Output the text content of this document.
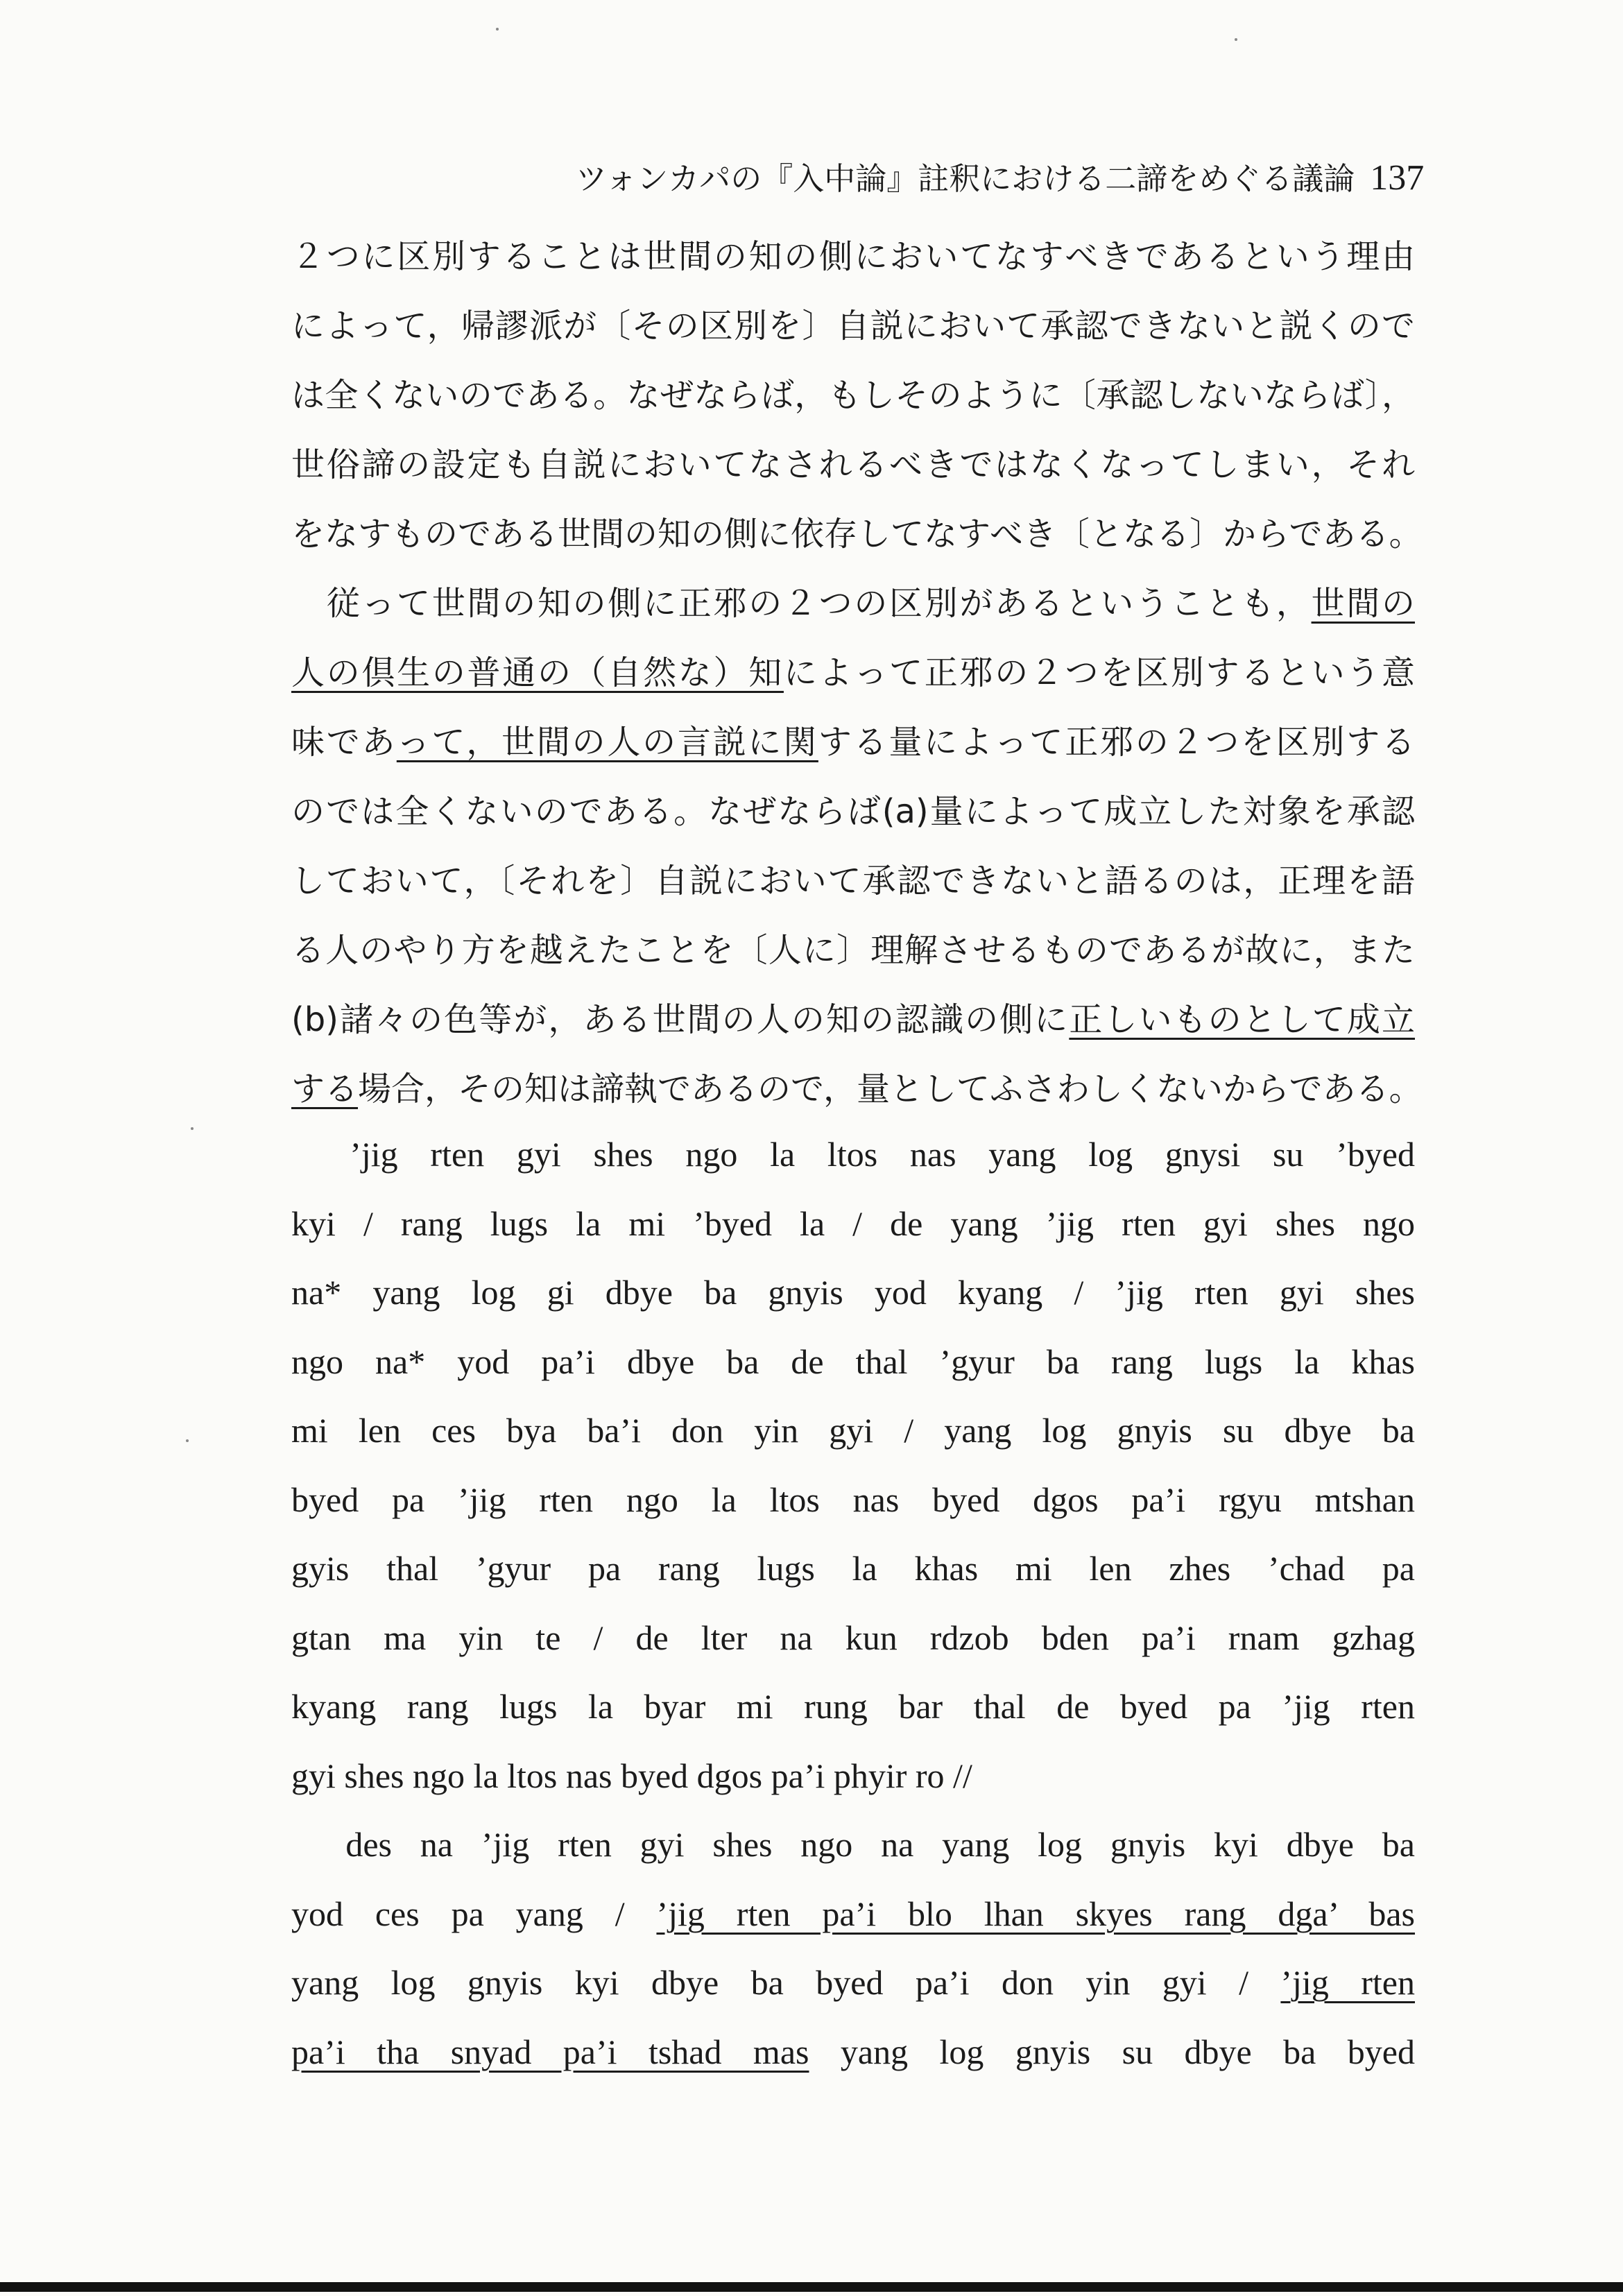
ツォンカパの『入中論』註釈における二諦をめぐる議論 137
２つに区別することは世間の知の側においてなすべきであるという理由
によって，帰謬派が〔その区別を〕自説において承認できないと説くので
は全くないのである。なぜならば，もしそのように〔承認しないならば〕，
世俗諦の設定も自説においてなされるべきではなくなってしまい，それ
をなすものである世間の知の側に依存してなすべき〔となる〕からである。
　従って世間の知の側に正邪の２つの区別があるということも，世間の
人の倶生の普通の（自然な）知によって正邪の２つを区別するという意
味であって，世間の人の言説に関する量によって正邪の２つを区別する
のでは全くないのである。なぜならば(a)量によって成立した対象を承認
しておいて，〔それを〕自説において承認できないと語るのは，正理を語
る人のやり方を越えたことを〔人に〕理解させるものであるが故に，また
(b)諸々の色等が，ある世間の人の知の認識の側に正しいものとして成立
する場合，その知は諦執であるので，量としてふさわしくないからである。
　’jig rten gyi shes ngo la ltos nas yang log gnysi su ’byed
kyi / rang lugs la mi ’byed la / de yang ’jig rten gyi shes ngo
na* yang log gi dbye ba gnyis yod kyang / ’jig rten gyi shes
ngo na* yod pa’i dbye ba de thal ’gyur ba rang lugs la khas
mi len ces bya ba’i don yin gyi / yang log gnyis su dbye ba
byed pa ’jig rten ngo la ltos nas byed dgos pa’i rgyu mtshan
gyis thal ’gyur pa rang lugs la khas mi len zhes ’chad pa
gtan ma yin te / de lter na kun rdzob bden pa’i rnam gzhag
kyang rang lugs la byar mi rung bar thal de byed pa ’jig rten
gyi shes ngo la ltos nas byed dgos pa’i phyir ro //
　des na ’jig rten gyi shes ngo na yang log gnyis kyi dbye ba
yod ces pa yang / ’jig rten pa’i blo lhan skyes rang dga’ bas
yang log gnyis kyi dbye ba byed pa’i don yin gyi / ’jig rten
pa’i tha snyad pa’i tshad mas yang log gnyis su dbye ba byed
